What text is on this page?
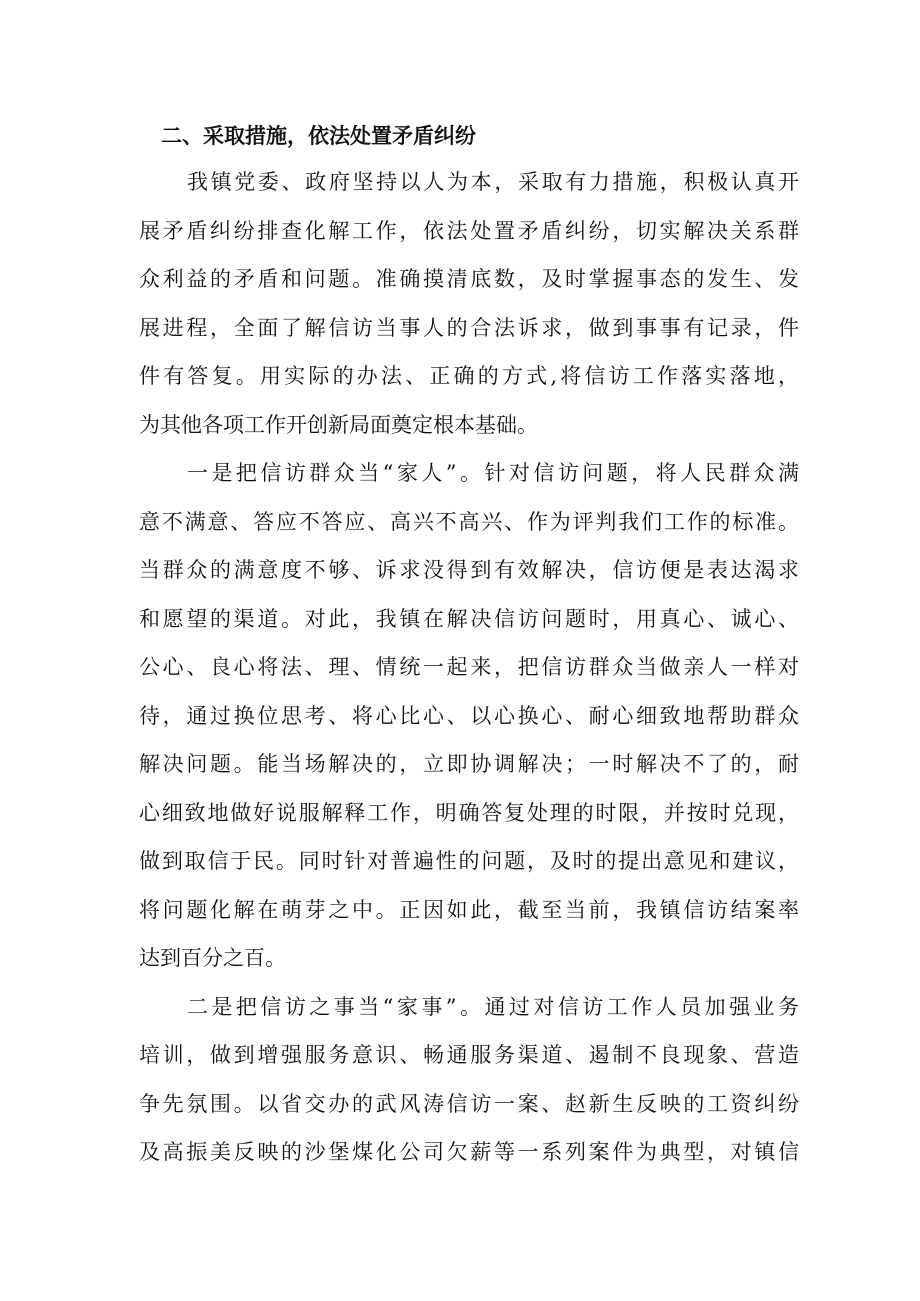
二、采取措施，依法处置矛盾纠纷
我镇党委、政府坚持以人为本，采取有力措施，积极认真开
展矛盾纠纷排查化解工作，依法处置矛盾纠纷，切实解决关系群
众利益的矛盾和问题。准确摸清底数，及时掌握事态的发生、发
展进程，全面了解信访当事人的合法诉求，做到事事有记录，件
件有答复。用实际的办法、正确的方式,将信访工作落实落地，
为其他各项工作开创新局面奠定根本基础。
一是把信访群众当“家人”。针对信访问题，将人民群众满
意不满意、答应不答应、高兴不高兴、作为评判我们工作的标准。
当群众的满意度不够、诉求没得到有效解决，信访便是表达渴求
和愿望的渠道。对此，我镇在解决信访问题时，用真心、诚心、
公心、良心将法、理、情统一起来，把信访群众当做亲人一样对
待，通过换位思考、将心比心、以心换心、耐心细致地帮助群众
解决问题。能当场解决的，立即协调解决；一时解决不了的，耐
心细致地做好说服解释工作，明确答复处理的时限，并按时兑现，
做到取信于民。同时针对普遍性的问题，及时的提出意见和建议，
将问题化解在萌芽之中。正因如此，截至当前，我镇信访结案率
达到百分之百。
二是把信访之事当“家事”。通过对信访工作人员加强业务
培训，做到增强服务意识、畅通服务渠道、遏制不良现象、营造
争先氛围。以省交办的武风涛信访一案、赵新生反映的工资纠纷
及高振美反映的沙堡煤化公司欠薪等一系列案件为典型，对镇信
